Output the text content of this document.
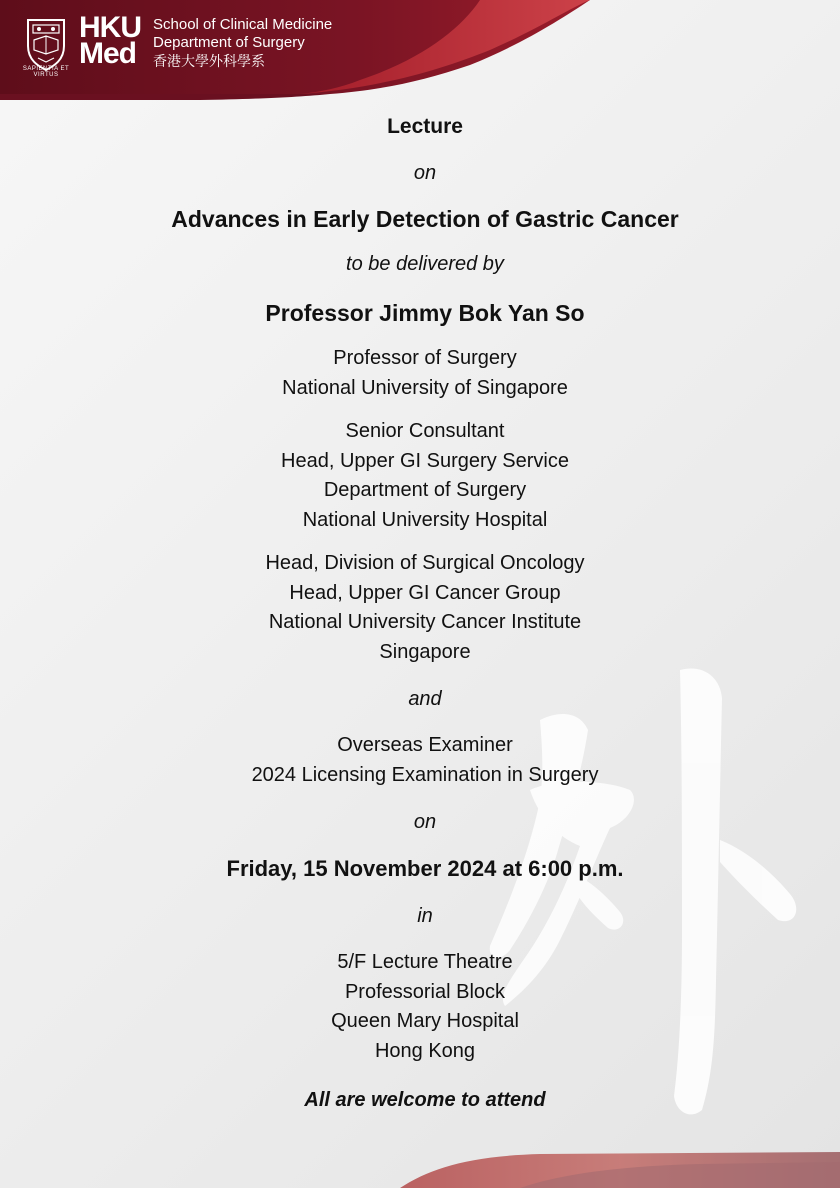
SAPIENTIA ET VIRTUS
HKU
Med
School of Clinical Medicine
Department of Surgery
香港大學外科學系
Lecture
on
Advances in Early Detection of Gastric Cancer
to be delivered by
Professor Jimmy Bok Yan So
Professor of Surgery
National University of Singapore
Senior Consultant
Head, Upper GI Surgery Service
Department of Surgery
National University Hospital
Head, Division of Surgical Oncology
Head, Upper GI Cancer Group
National University Cancer Institute
Singapore
and
Overseas Examiner
2024 Licensing Examination in Surgery
on
Friday, 15 November 2024 at 6:00 p.m.
in
5/F Lecture Theatre
Professorial Block
Queen Mary Hospital
Hong Kong
All are welcome to attend
